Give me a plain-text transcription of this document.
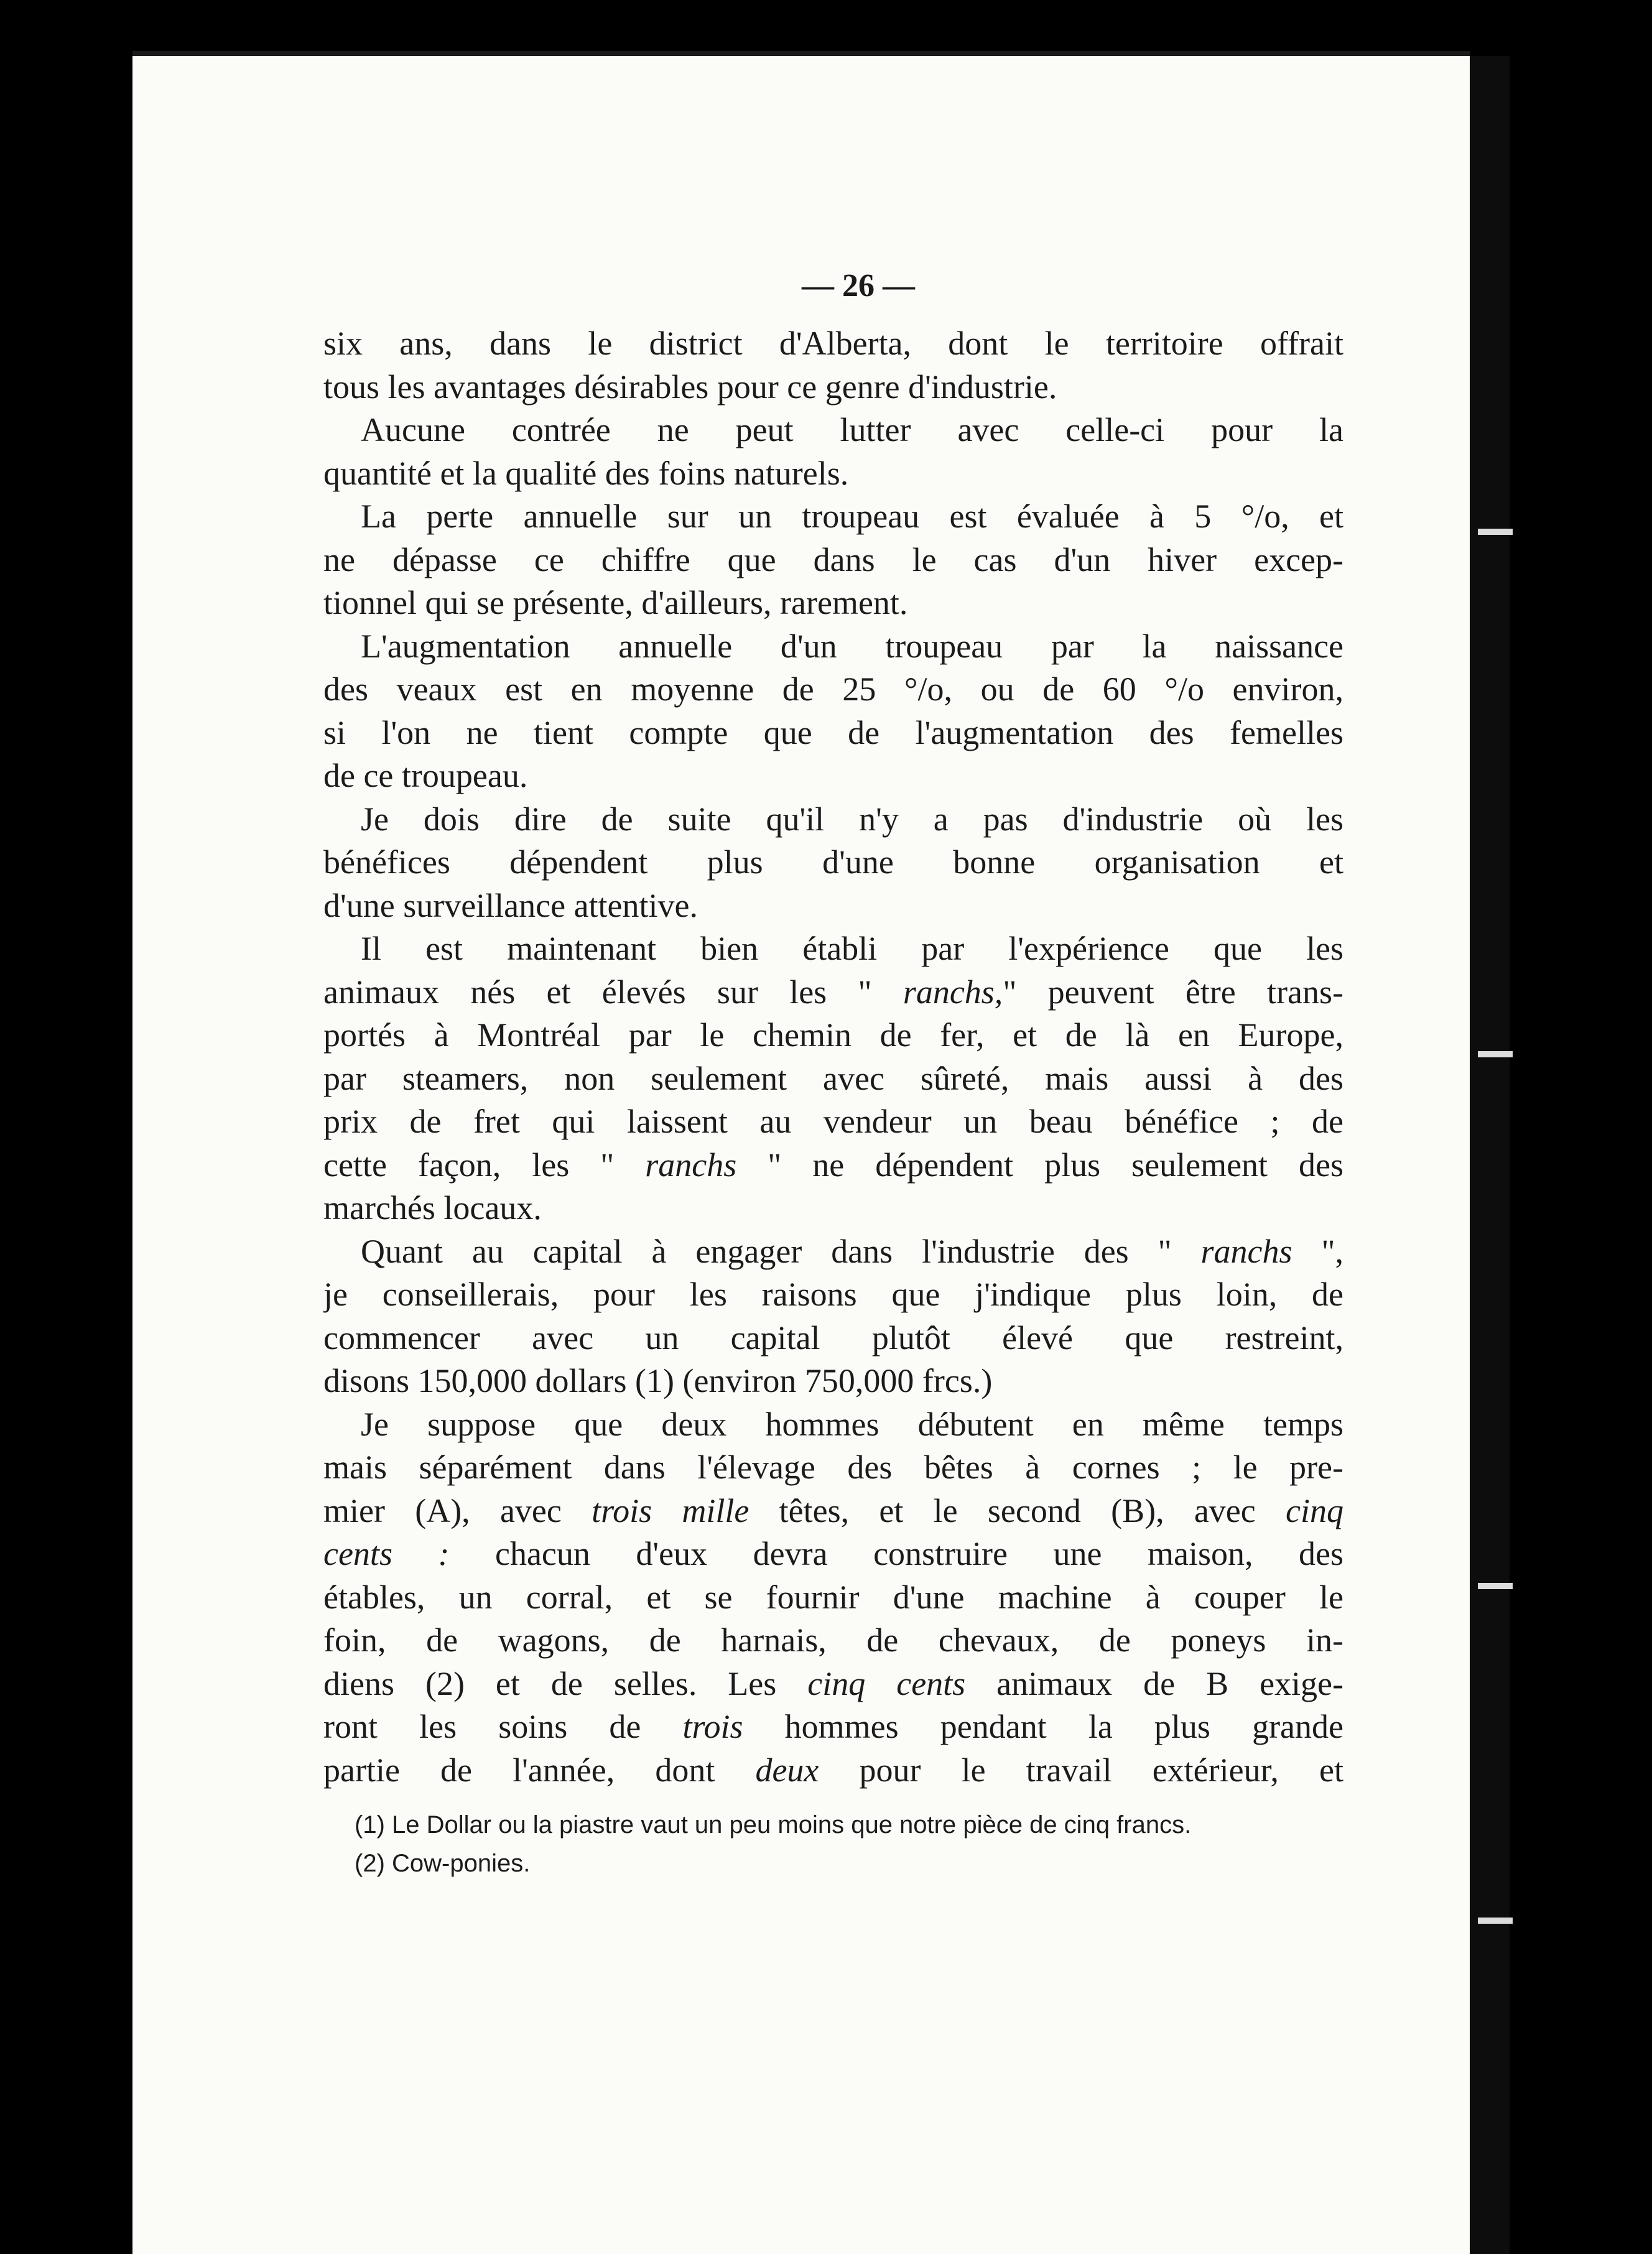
— 26 —
six ans, dans le district d'Alberta, dont le territoire offrait
tous les avantages désirables pour ce genre d'industrie.
Aucune contrée ne peut lutter avec celle-ci pour la
quantité et la qualité des foins naturels.
La perte annuelle sur un troupeau est évaluée à 5 °/o, et
ne dépasse ce chiffre que dans le cas d'un hiver excep-
tionnel qui se présente, d'ailleurs, rarement.
L'augmentation annuelle d'un troupeau par la naissance
des veaux est en moyenne de 25 °/o, ou de 60 °/o environ,
si l'on ne tient compte que de l'augmentation des femelles
de ce troupeau.
Je dois dire de suite qu'il n'y a pas d'industrie où les
bénéfices dépendent plus d'une bonne organisation et
d'une surveillance attentive.
Il est maintenant bien établi par l'expérience que les
animaux nés et élevés sur les " ranchs," peuvent être trans-
portés à Montréal par le chemin de fer, et de là en Europe,
par steamers, non seulement avec sûreté, mais aussi à des
prix de fret qui laissent au vendeur un beau bénéfice ; de
cette façon, les " ranchs " ne dépendent plus seulement des
marchés locaux.
Quant au capital à engager dans l'industrie des " ranchs ",
je conseillerais, pour les raisons que j'indique plus loin, de
commencer avec un capital plutôt élevé que restreint,
disons 150,000 dollars (1) (environ 750,000 frcs.)
Je suppose que deux hommes débutent en même temps
mais séparément dans l'élevage des bêtes à cornes ; le pre-
mier (A), avec trois mille têtes, et le second (B), avec cinq
cents : chacun d'eux devra construire une maison, des
étables, un corral, et se fournir d'une machine à couper le
foin, de wagons, de harnais, de chevaux, de poneys in-
diens (2) et de selles. Les cinq cents animaux de B exige-
ront les soins de trois hommes pendant la plus grande
partie de l'année, dont deux pour le travail extérieur, et
(1) Le Dollar ou la piastre vaut un peu moins que notre pièce de cinq francs.
(2) Cow-ponies.
